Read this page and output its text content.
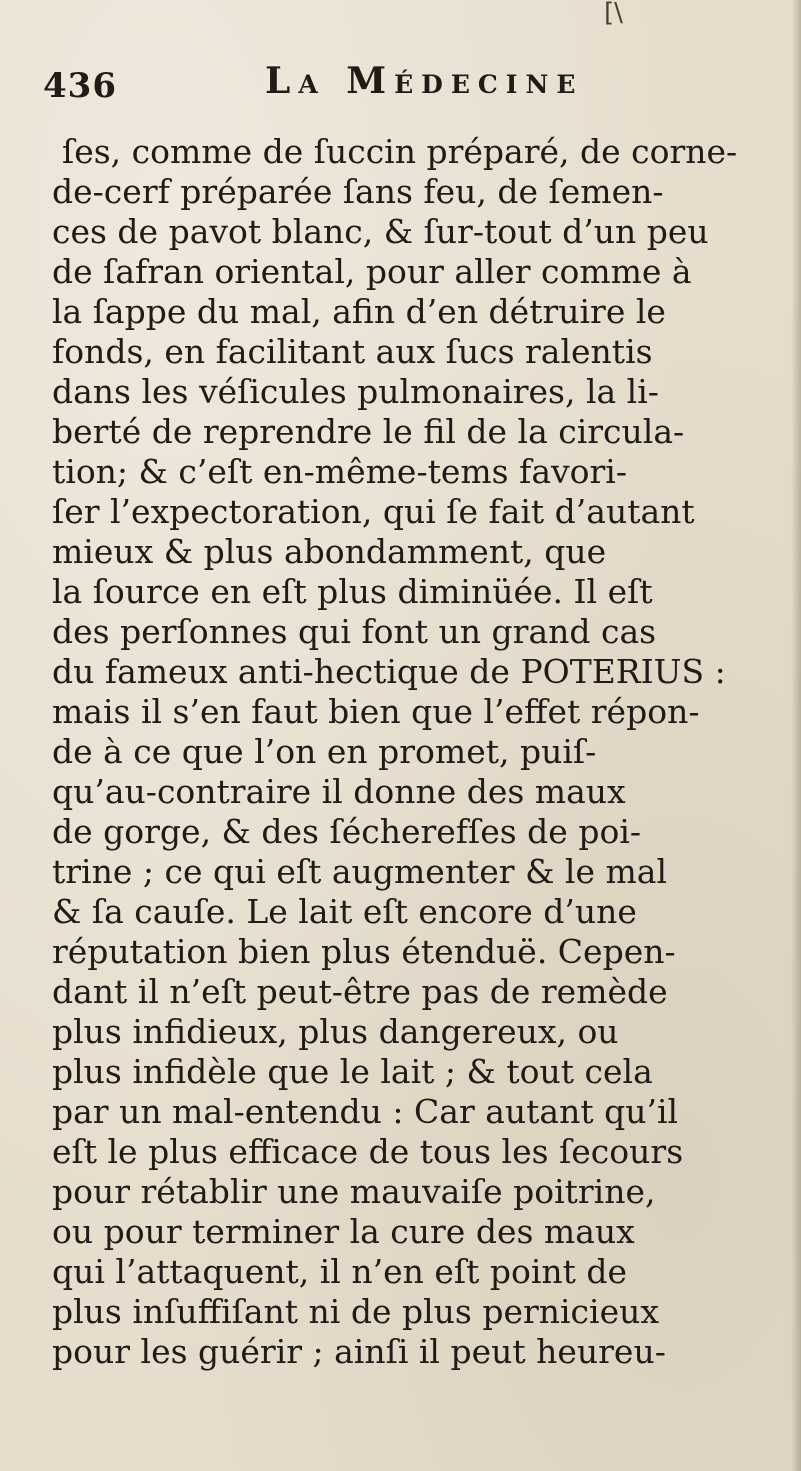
[\
436	La Médecine
ſes, comme de ſuccin préparé, de corne-
de-cerf préparée ſans feu, de ſemen-
ces de pavot blanc, & ſur-tout d’un peu
de ſafran oriental, pour aller comme à
la ſappe du mal, afin d’en détruire le
fonds, en facilitant aux ſucs ralentis
dans les véſicules pulmonaires, la li-
berté de reprendre le fil de la circula-
tion; & c’eſt en-même-tems favori-
ſer l’expectoration, qui ſe fait d’autant
mieux & plus abondamment, que
la ſource en eſt plus diminüée. Il eſt
des perſonnes qui font un grand cas
du fameux anti-hectique de POTERIUS :
mais il s’en faut bien que l’effet répon-
de à ce que l’on en promet, puiſ-
qu’au-contraire il donne des maux
de gorge, & des ſécherefſes de poi-
trine ; ce qui eſt augmenter & le mal
& ſa cauſe. Le lait eſt encore d’une
réputation bien plus étenduë. Cepen-
dant il n’eſt peut-être pas de remède
plus infidieux, plus dangereux, ou
plus infidèle que le lait ; & tout cela
par un mal-entendu : Car autant qu’il
eſt le plus efficace de tous les ſecours
pour rétablir une mauvaiſe poitrine,
ou pour terminer la cure des maux
qui l’attaquent, il n’en eſt point de
plus inſuffiſant ni de plus pernicieux
pour les guérir ; ainſi il peut heureu-
